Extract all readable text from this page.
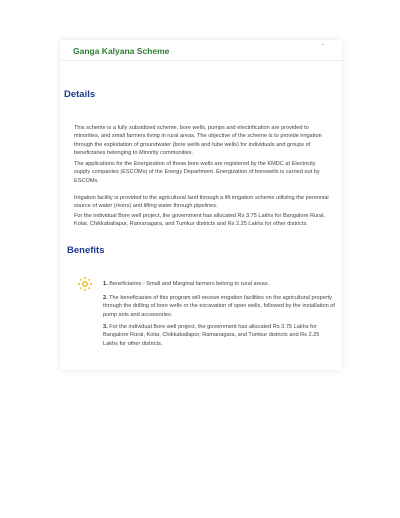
Ganga Kalyana Scheme
Details
This scheme is a fully subsidized scheme, bore wells, pumps and electrification are provided to minorities, and small farmers living in rural areas. The objective of the scheme is to provide irrigation through the exploitation of groundwater (bore wells and tube wells) for individuals and groups of beneficiaries belonging to Minority communities.
The applications for the Energization of these bore wells are registered by the KMDC at Electricity supply companies (ESCOMs) of the Energy Department. Energization of borewells is carried out by ESCOMs.
Irrigation facility is provided to the agricultural land through a lift irrigation scheme utilizing the perennial source of water (rivers) and lifting water through pipelines.
For the individual Bore well project, the government has allocated Rs 3.75 Lakhs for Bangalore Rural, Kolar, Chikkaballapur, Ramanagara, and Tumkur districts and Rs 2.25 Lakhs for other districts.
Benefits
1. Beneficiaries - Small and Marginal farmers belong to rural areas.
2. The beneficiaries of this program will receive irrigation facilities on the agricultural property through the drilling of bore wells or the excavation of open wells, followed by the installation of pump sets and accessories.
3. For the individual Bore well project, the government has allocated Rs 3.75 Lakhs for Bangalore Rural, Kolar, Chikkaballapur, Ramanagara, and Tumkur districts and Rs 2.25 Lakhs for other districts.
